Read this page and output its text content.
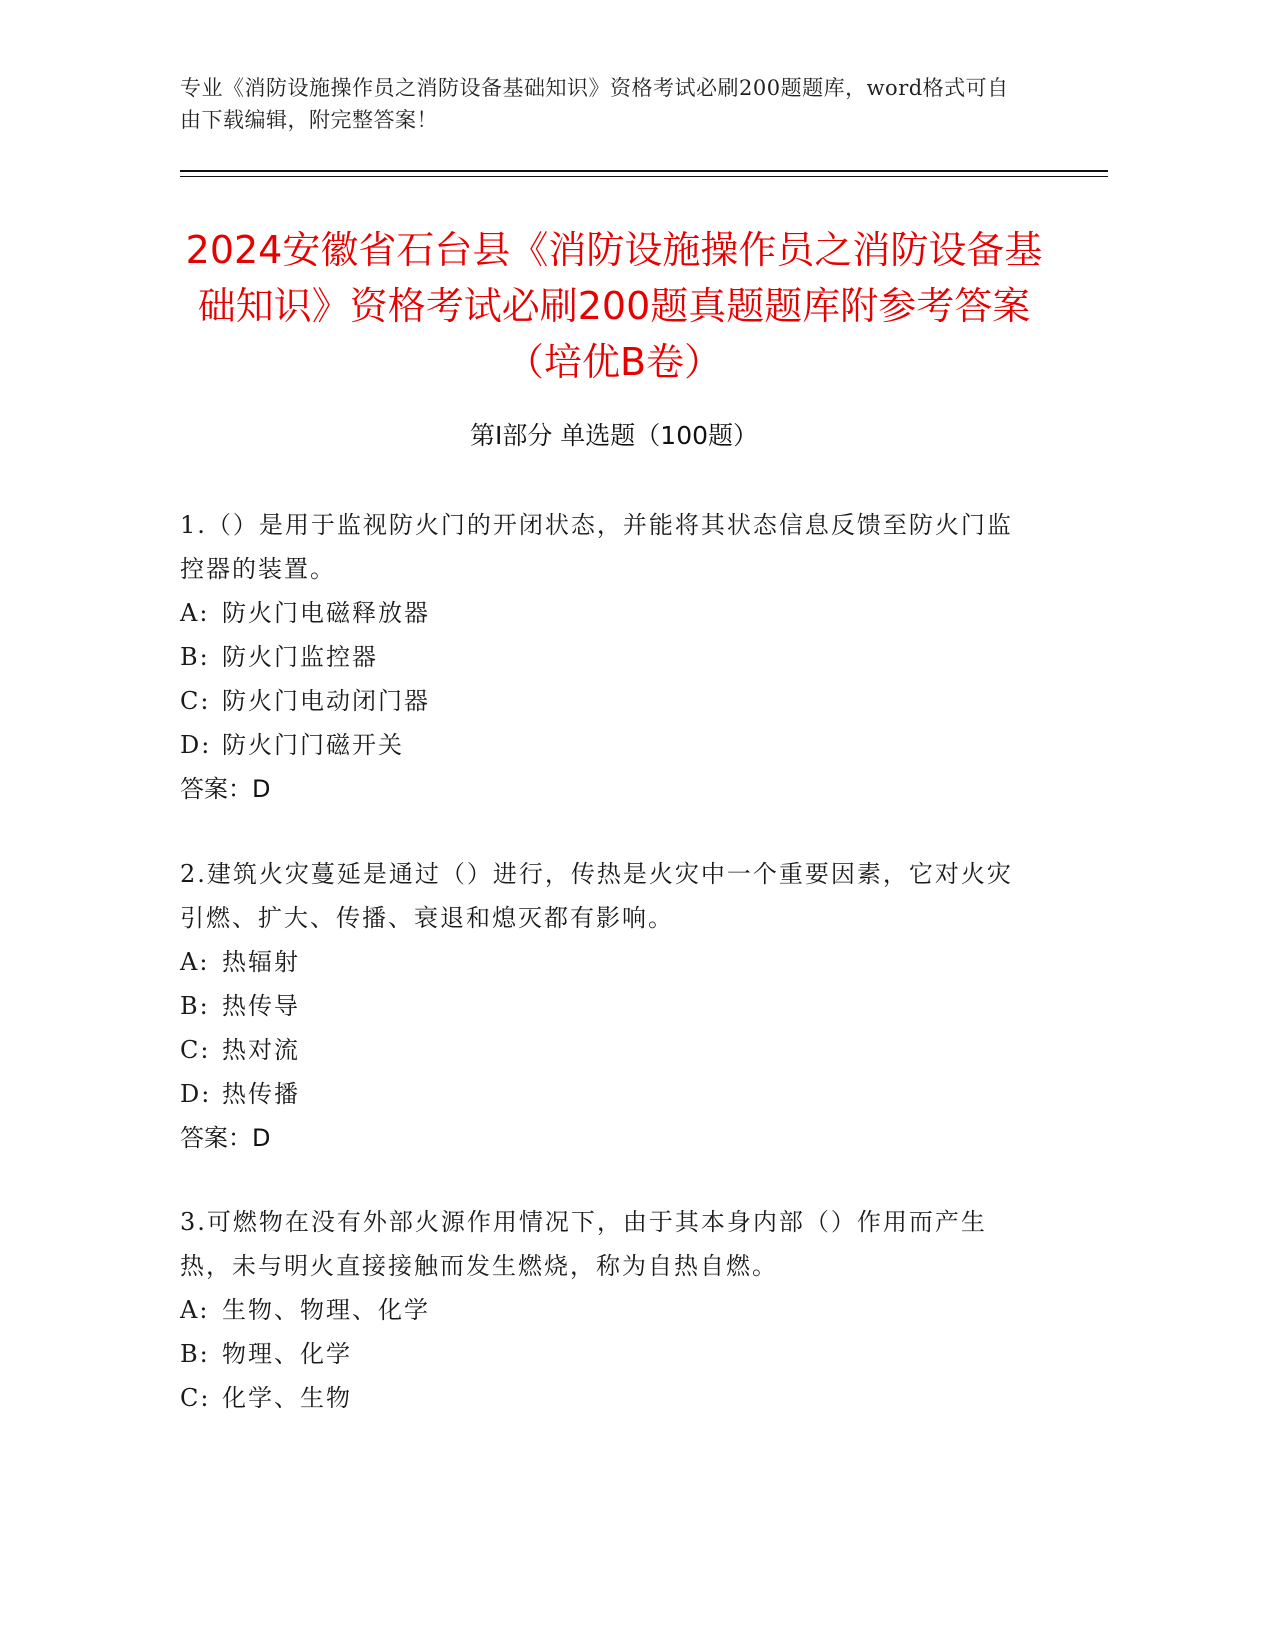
专业《消防设施操作员之消防设备基础知识》资格考试必刷200题题库，word格式可自由下载编辑，附完整答案！
2024安徽省石台县《消防设施操作员之消防设备基础知识》资格考试必刷200题真题题库附参考答案（培优B卷）
第I部分 单选题（100题）
1.（）是用于监视防火门的开闭状态，并能将其状态信息反馈至防火门监控器的装置。
A: 防火门电磁释放器
B: 防火门监控器
C: 防火门电动闭门器
D: 防火门门磁开关
答案：D
2.建筑火灾蔓延是通过（）进行，传热是火灾中一个重要因素，它对火灾引燃、扩大、传播、衰退和熄灭都有影响。
A: 热辐射
B: 热传导
C: 热对流
D: 热传播
答案：D
3.可燃物在没有外部火源作用情况下，由于其本身内部（）作用而产生热，未与明火直接接触而发生燃烧，称为自热自燃。
A: 生物、物理、化学
B: 物理、化学
C: 化学、生物
